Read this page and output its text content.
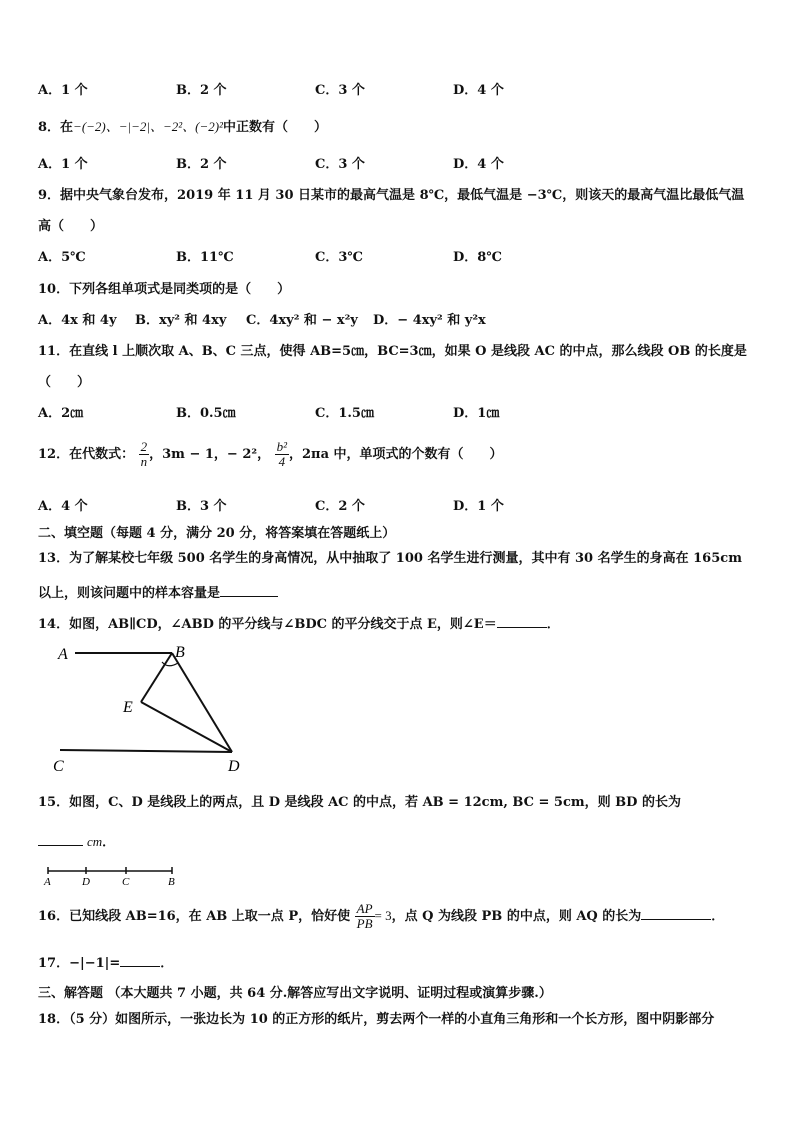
A．1 个	B．2 个	C．3 个	D．4 个
8．在−(−2)、−|−2|、−2²、(−2)²中正数有（　　）
A．1 个	B．2 个	C．3 个	D．4 个
9．据中央气象台发布，2019 年 11 月 30 日某市的最高气温是 8℃，最低气温是 −3℃，则该天的最高气温比最低气温
高（　　）
A．5℃	B．11℃	C．3℃	D．8℃
10．下列各组单项式是同类项的是（　　）
A．4x 和 4y B．xy² 和 4xy C．4xy² 和 − x²y D．− 4xy² 和 y²x
11．在直线 l 上顺次取 A、B、C 三点，使得 AB=5㎝，BC=3㎝，如果 O 是线段 AC 的中点，那么线段 OB 的长度是
（　　）
A．2㎝	B．0.5㎝	C．1.5㎝	D．1㎝
12．在代数式： $\frac{2}{n}$ ，3m − 1，− 2²， $\frac{\text{b²}}{4}$ ，2πa 中，单项式的个数有（　　）
A．4 个	B．3 个	C．2 个	D．1 个
二、填空题（每题 4 分，满分 20 分，将答案填在答题纸上）
13．为了解某校七年级 500 名学生的身高情况，从中抽取了 100 名学生进行测量，其中有 30 名学生的身高在 165cm
以上，则该问题中的样本容量是
14．如图，AB∥CD，∠ABD 的平分线与∠BDC 的平分线交于点 E，则∠E＝	．
A	B
E
C	D
15．如图，C、D 是线段上的两点，且 D 是线段 AC 的中点，若 AB = 12cm, BC = 5cm，则 BD 的长为
cm．
A	D	C	B
16．已知线段 AB=16，在 AB 上取一点 P，恰好使 $\frac{AP}{PB} = 3$，点 Q 为线段 PB 的中点，则 AQ 的长为	．
17．−|−1|=	．
三、解答题 （本大题共 7 小题，共 64 分.解答应写出文字说明、证明过程或演算步骤.）
18．（5 分）如图所示，一张边长为 10 的正方形的纸片，剪去两个一样的小直角三角形和一个长方形，图中阴影部分
